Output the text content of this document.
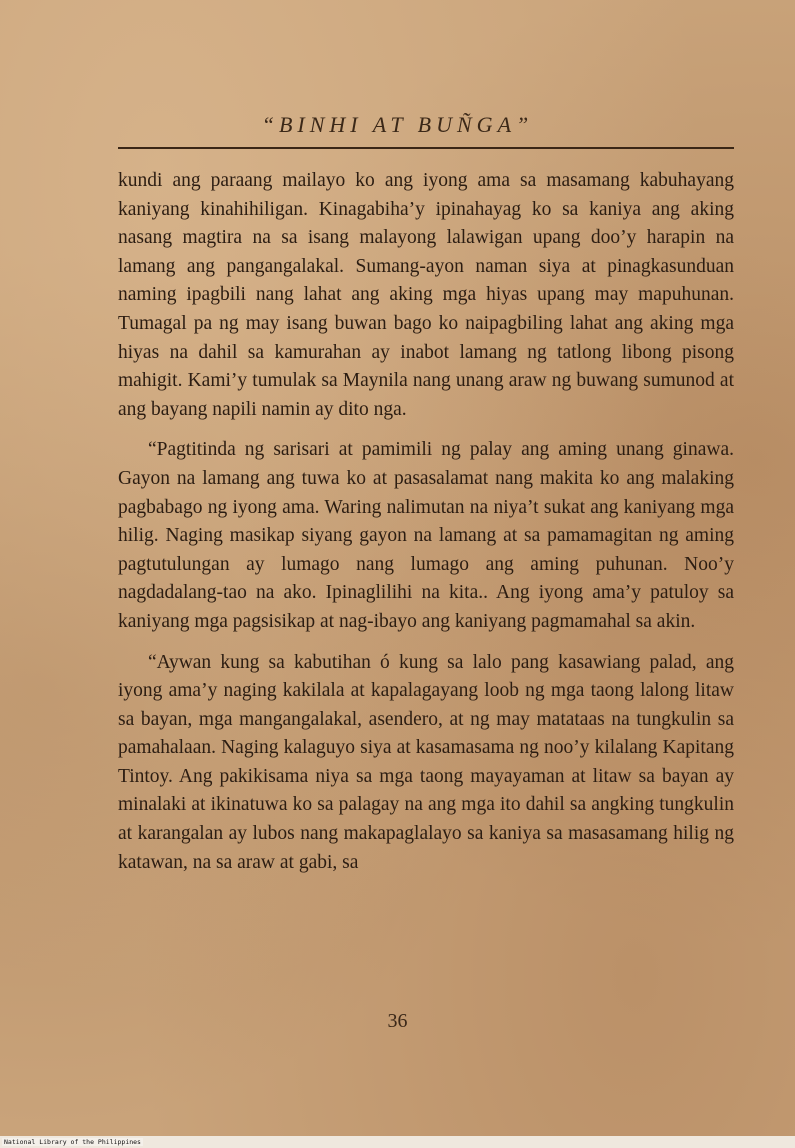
“BINHI AT BUÑGA”

kundi ang paraang mailayo ko ang iyong ama sa masamang kabuhayang kaniyang kinahihiligan. Kinagabiha’y ipinahayag ko sa kaniya ang aking nasang magtira na sa isang malayong lalawigan upang doo’y harapin na lamang ang pangangalakal. Sumang-ayon naman siya at pinagkasunduan naming ipagbili nang lahat ang aking mga hiyas upang may mapuhunan. Tumagal pa ng may isang buwan bago ko naipagbiling lahat ang aking mga hiyas na dahil sa kamurahan ay inabot lamang ng tatlong libong pisong mahigit. Kami’y tumulak sa Maynila nang unang araw ng buwang sumunod at ang bayang napili namin ay dito nga.

“Pagtitinda ng sarisari at pamimili ng palay ang aming unang ginawa. Gayon na lamang ang tuwa ko at pasasalamat nang makita ko ang malaking pagbabago ng iyong ama. Waring nalimutan na niya’t sukat ang kaniyang mga hilig. Naging masikap siyang gayon na lamang at sa pamamagitan ng aming pagtutulungan ay lumago nang lumago ang aming puhunan. Noo’y nagdadalang-tao na ako. Ipinaglilihi na kita.. Ang iyong ama’y patuloy sa kaniyang mga pagsisikap at nag-ibayo ang kaniyang pagmamahal sa akin.

“Aywan kung sa kabutihan ó kung sa lalo pang kasawiang palad, ang iyong ama’y naging kakilala at kapalagayang loob ng mga taong lalong litaw sa bayan, mga mangangalakal, asendero, at ng may matataas na tungkulin sa pamahalaan. Naging kalaguyo siya at kasamasama ng noo’y kilalang Kapitang Tintoy. Ang pakikisama niya sa mga taong mayayaman at litaw sa bayan ay minalaki at ikinatuwa ko sa palagay na ang mga ito dahil sa angking tungkulin at karangalan ay lubos nang makapaglalayo sa kaniya sa masasamang hilig ng katawan, na sa araw at gabi, sa

36
National Library of the Philippines
